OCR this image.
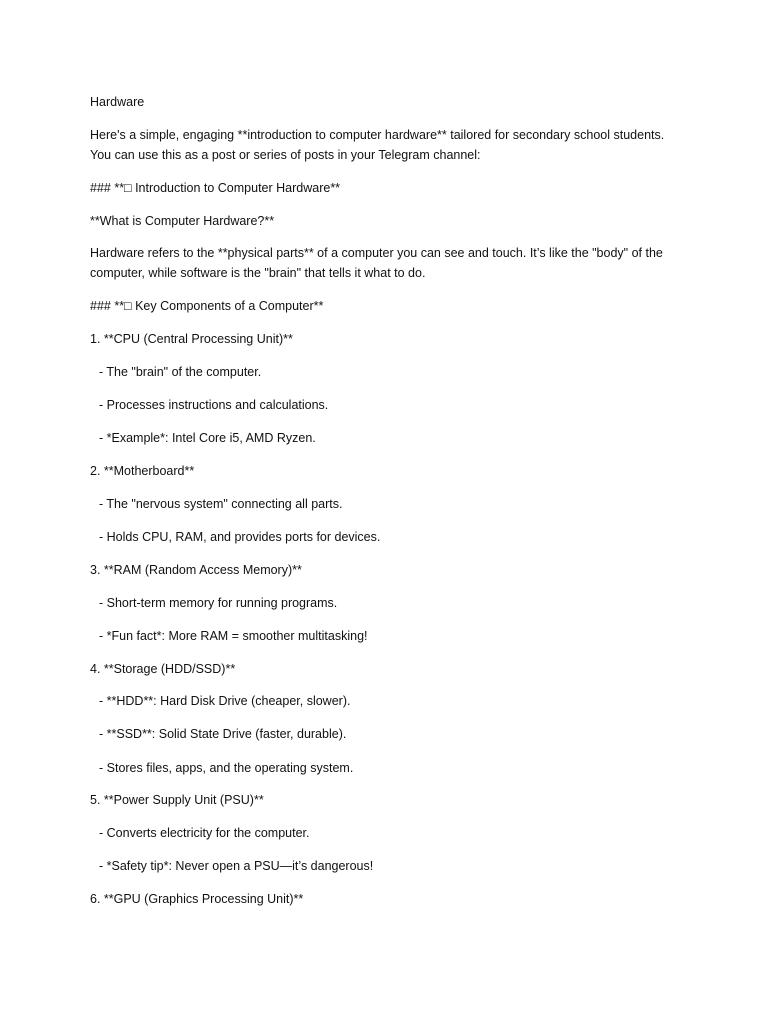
Hardware
Here's a simple, engaging **introduction to computer hardware** tailored for secondary school students. You can use this as a post or series of posts in your Telegram channel:
### **□ Introduction to Computer Hardware**
**What is Computer Hardware?**
Hardware refers to the **physical parts** of a computer you can see and touch. It’s like the "body" of the computer, while software is the "brain" that tells it what to do.
### **□ Key Components of a Computer**
1. **CPU (Central Processing Unit)**
- The "brain" of the computer.
- Processes instructions and calculations.
- *Example*: Intel Core i5, AMD Ryzen.
2. **Motherboard**
- The "nervous system" connecting all parts.
- Holds CPU, RAM, and provides ports for devices.
3. **RAM (Random Access Memory)**
- Short-term memory for running programs.
- *Fun fact*: More RAM = smoother multitasking!
4. **Storage (HDD/SSD)**
- **HDD**: Hard Disk Drive (cheaper, slower).
- **SSD**: Solid State Drive (faster, durable).
- Stores files, apps, and the operating system.
5. **Power Supply Unit (PSU)**
- Converts electricity for the computer.
- *Safety tip*: Never open a PSU—it’s dangerous!
6. **GPU (Graphics Processing Unit)**
